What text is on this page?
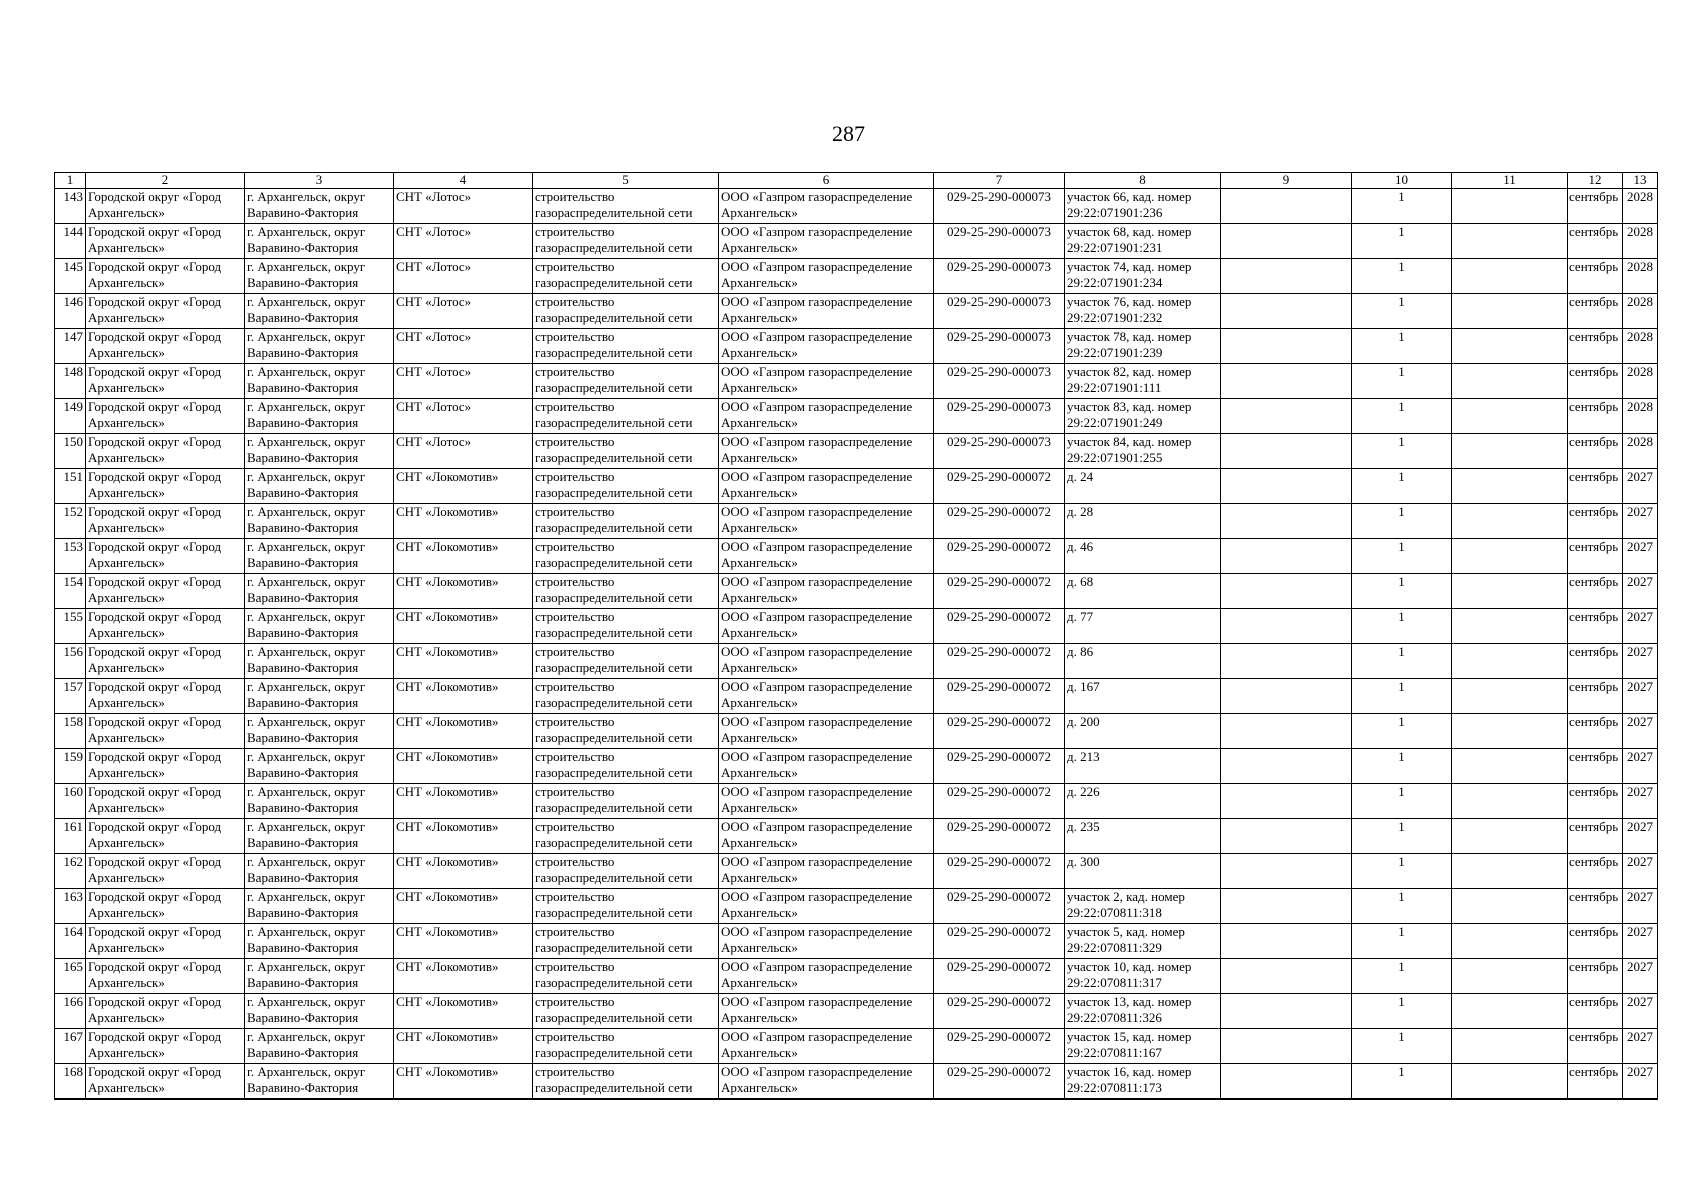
287
1	2	3	4	5	6	7	8	9	10	11	12	13

143	Городской округ «Город
Архангельск»	г. Архангельск, округ
Варавино-Фактория	СНТ «Лотос»	строительство
газораспределительной сети	ООО «Газпром газораспределение
Архангельск»	029-25-290-000073	участок 66, кад. номер
29:22:071901:236		1		сентябрь	2028

144	Городской округ «Город
Архангельск»	г. Архангельск, округ
Варавино-Фактория	СНТ «Лотос»	строительство
газораспределительной сети	ООО «Газпром газораспределение
Архангельск»	029-25-290-000073	участок 68, кад. номер
29:22:071901:231		1		сентябрь	2028

145	Городской округ «Город
Архангельск»	г. Архангельск, округ
Варавино-Фактория	СНТ «Лотос»	строительство
газораспределительной сети	ООО «Газпром газораспределение
Архангельск»	029-25-290-000073	участок 74, кад. номер
29:22:071901:234		1		сентябрь	2028

146	Городской округ «Город
Архангельск»	г. Архангельск, округ
Варавино-Фактория	СНТ «Лотос»	строительство
газораспределительной сети	ООО «Газпром газораспределение
Архангельск»	029-25-290-000073	участок 76, кад. номер
29:22:071901:232		1		сентябрь	2028

147	Городской округ «Город
Архангельск»	г. Архангельск, округ
Варавино-Фактория	СНТ «Лотос»	строительство
газораспределительной сети	ООО «Газпром газораспределение
Архангельск»	029-25-290-000073	участок 78, кад. номер
29:22:071901:239		1		сентябрь	2028

148	Городской округ «Город
Архангельск»	г. Архангельск, округ
Варавино-Фактория	СНТ «Лотос»	строительство
газораспределительной сети	ООО «Газпром газораспределение
Архангельск»	029-25-290-000073	участок 82, кад. номер
29:22:071901:111		1		сентябрь	2028

149	Городской округ «Город
Архангельск»	г. Архангельск, округ
Варавино-Фактория	СНТ «Лотос»	строительство
газораспределительной сети	ООО «Газпром газораспределение
Архангельск»	029-25-290-000073	участок 83, кад. номер
29:22:071901:249		1		сентябрь	2028

150	Городской округ «Город
Архангельск»	г. Архангельск, округ
Варавино-Фактория	СНТ «Лотос»	строительство
газораспределительной сети	ООО «Газпром газораспределение
Архангельск»	029-25-290-000073	участок 84, кад. номер
29:22:071901:255		1		сентябрь	2028

151	Городской округ «Город
Архангельск»	г. Архангельск, округ
Варавино-Фактория	СНТ «Локомотив»	строительство
газораспределительной сети	ООО «Газпром газораспределение
Архангельск»	029-25-290-000072	д. 24		1		сентябрь	2027

152	Городской округ «Город
Архангельск»	г. Архангельск, округ
Варавино-Фактория	СНТ «Локомотив»	строительство
газораспределительной сети	ООО «Газпром газораспределение
Архангельск»	029-25-290-000072	д. 28		1		сентябрь	2027

153	Городской округ «Город
Архангельск»	г. Архангельск, округ
Варавино-Фактория	СНТ «Локомотив»	строительство
газораспределительной сети	ООО «Газпром газораспределение
Архангельск»	029-25-290-000072	д. 46		1		сентябрь	2027

154	Городской округ «Город
Архангельск»	г. Архангельск, округ
Варавино-Фактория	СНТ «Локомотив»	строительство
газораспределительной сети	ООО «Газпром газораспределение
Архангельск»	029-25-290-000072	д. 68		1		сентябрь	2027

155	Городской округ «Город
Архангельск»	г. Архангельск, округ
Варавино-Фактория	СНТ «Локомотив»	строительство
газораспределительной сети	ООО «Газпром газораспределение
Архангельск»	029-25-290-000072	д. 77		1		сентябрь	2027

156	Городской округ «Город
Архангельск»	г. Архангельск, округ
Варавино-Фактория	СНТ «Локомотив»	строительство
газораспределительной сети	ООО «Газпром газораспределение
Архангельск»	029-25-290-000072	д. 86		1		сентябрь	2027

157	Городской округ «Город
Архангельск»	г. Архангельск, округ
Варавино-Фактория	СНТ «Локомотив»	строительство
газораспределительной сети	ООО «Газпром газораспределение
Архангельск»	029-25-290-000072	д. 167		1		сентябрь	2027

158	Городской округ «Город
Архангельск»	г. Архангельск, округ
Варавино-Фактория	СНТ «Локомотив»	строительство
газораспределительной сети	ООО «Газпром газораспределение
Архангельск»	029-25-290-000072	д. 200		1		сентябрь	2027

159	Городской округ «Город
Архангельск»	г. Архангельск, округ
Варавино-Фактория	СНТ «Локомотив»	строительство
газораспределительной сети	ООО «Газпром газораспределение
Архангельск»	029-25-290-000072	д. 213		1		сентябрь	2027

160	Городской округ «Город
Архангельск»	г. Архангельск, округ
Варавино-Фактория	СНТ «Локомотив»	строительство
газораспределительной сети	ООО «Газпром газораспределение
Архангельск»	029-25-290-000072	д. 226		1		сентябрь	2027

161	Городской округ «Город
Архангельск»	г. Архангельск, округ
Варавино-Фактория	СНТ «Локомотив»	строительство
газораспределительной сети	ООО «Газпром газораспределение
Архангельск»	029-25-290-000072	д. 235		1		сентябрь	2027

162	Городской округ «Город
Архангельск»	г. Архангельск, округ
Варавино-Фактория	СНТ «Локомотив»	строительство
газораспределительной сети	ООО «Газпром газораспределение
Архангельск»	029-25-290-000072	д. 300		1		сентябрь	2027

163	Городской округ «Город
Архангельск»	г. Архангельск, округ
Варавино-Фактория	СНТ «Локомотив»	строительство
газораспределительной сети	ООО «Газпром газораспределение
Архангельск»	029-25-290-000072	участок 2, кад. номер
29:22:070811:318		1		сентябрь	2027

164	Городской округ «Город
Архангельск»	г. Архангельск, округ
Варавино-Фактория	СНТ «Локомотив»	строительство
газораспределительной сети	ООО «Газпром газораспределение
Архангельск»	029-25-290-000072	участок 5, кад. номер
29:22:070811:329		1		сентябрь	2027

165	Городской округ «Город
Архангельск»	г. Архангельск, округ
Варавино-Фактория	СНТ «Локомотив»	строительство
газораспределительной сети	ООО «Газпром газораспределение
Архангельск»	029-25-290-000072	участок 10, кад. номер
29:22:070811:317		1		сентябрь	2027

166	Городской округ «Город
Архангельск»	г. Архангельск, округ
Варавино-Фактория	СНТ «Локомотив»	строительство
газораспределительной сети	ООО «Газпром газораспределение
Архангельск»	029-25-290-000072	участок 13, кад. номер
29:22:070811:326		1		сентябрь	2027

167	Городской округ «Город
Архангельск»	г. Архангельск, округ
Варавино-Фактория	СНТ «Локомотив»	строительство
газораспределительной сети	ООО «Газпром газораспределение
Архангельск»	029-25-290-000072	участок 15, кад. номер
29:22:070811:167		1		сентябрь	2027

168	Городской округ «Город
Архангельск»	г. Архангельск, округ
Варавино-Фактория	СНТ «Локомотив»	строительство
газораспределительной сети	ООО «Газпром газораспределение
Архангельск»	029-25-290-000072	участок 16, кад. номер
29:22:070811:173		1		сентябрь	2027
